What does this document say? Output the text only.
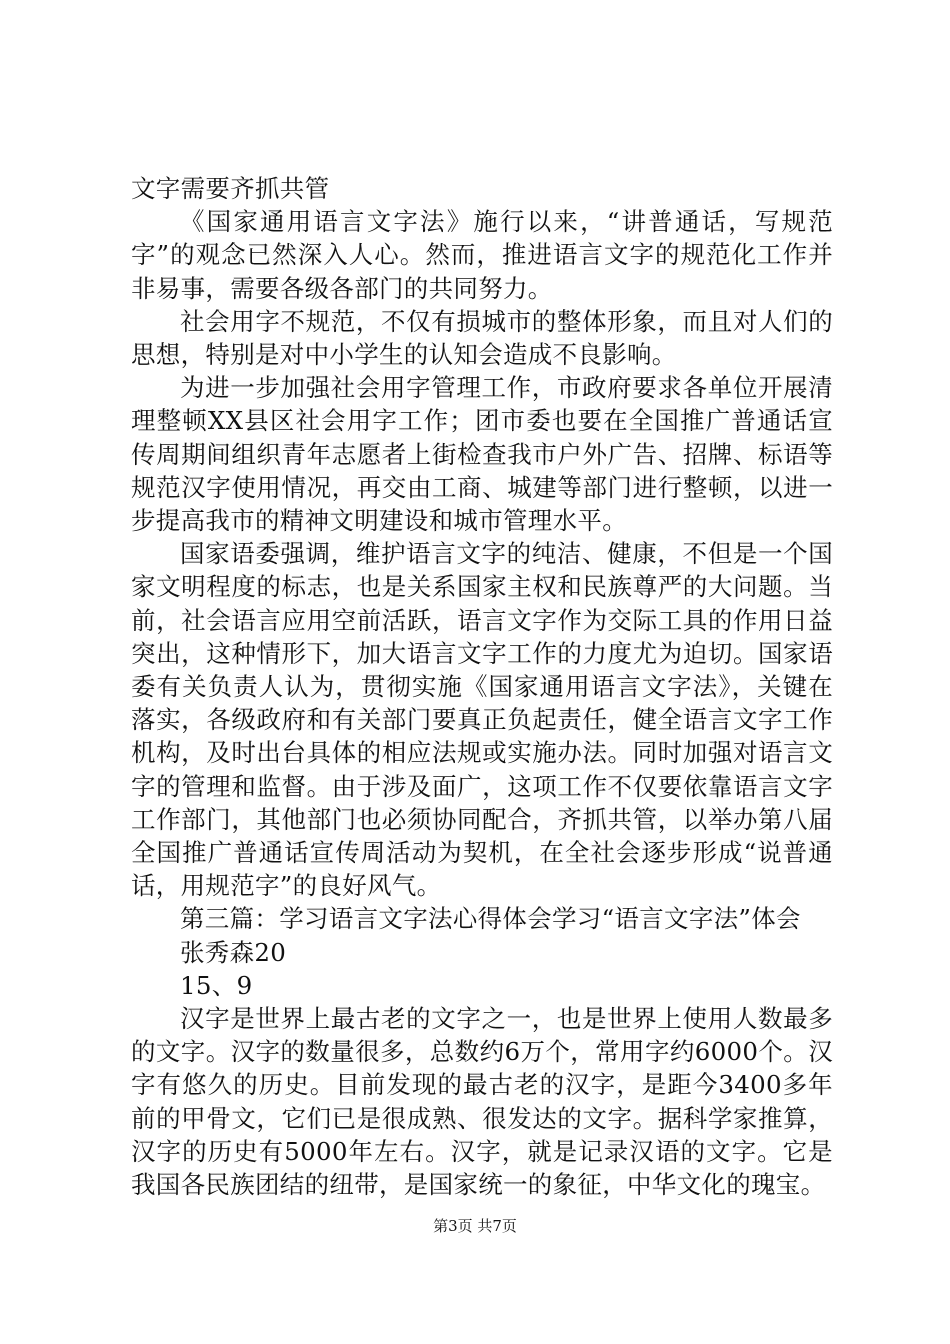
文字需要齐抓共管

《国家通用语言文字法》施行以来，“讲普通话，写规范字”的观念已然深入人心。然而，推进语言文字的规范化工作并非易事，需要各级各部门的共同努力。

社会用字不规范，不仅有损城市的整体形象，而且对人们的思想，特别是对中小学生的认知会造成不良影响。

为进一步加强社会用字管理工作，市政府要求各单位开展清理整顿XX县区社会用字工作；团市委也要在全国推广普通话宣传周期间组织青年志愿者上街检查我市户外广告、招牌、标语等规范汉字使用情况，再交由工商、城建等部门进行整顿，以进一步提高我市的精神文明建设和城市管理水平。

国家语委强调，维护语言文字的纯洁、健康，不但是一个国家文明程度的标志，也是关系国家主权和民族尊严的大问题。当前，社会语言应用空前活跃，语言文字作为交际工具的作用日益突出，这种情形下，加大语言文字工作的力度尤为迫切。国家语委有关负责人认为，贯彻实施《国家通用语言文字法》，关键在落实，各级政府和有关部门要真正负起责任，健全语言文字工作机构，及时出台具体的相应法规或实施办法。同时加强对语言文字的管理和监督。由于涉及面广，这项工作不仅要依靠语言文字工作部门，其他部门也必须协同配合，齐抓共管，以举办第八届全国推广普通话宣传周活动为契机，在全社会逐步形成“说普通话，用规范字”的良好风气。

第三篇：学习语言文字法心得体会学习“语言文字法”体会

张秀森20

15、9

汉字是世界上最古老的文字之一，也是世界上使用人数最多的文字。汉字的数量很多，总数约6万个，常用字约6000个。汉字有悠久的历史。目前发现的最古老的汉字，是距今3400多年前的甲骨文，它们已是很成熟、很发达的文字。据科学家推算，汉字的历史有5000年左右。汉字，就是记录汉语的文字。它是我国各民族团结的纽带，是国家统一的象征，中华文化的瑰宝。

第3页 共7页
